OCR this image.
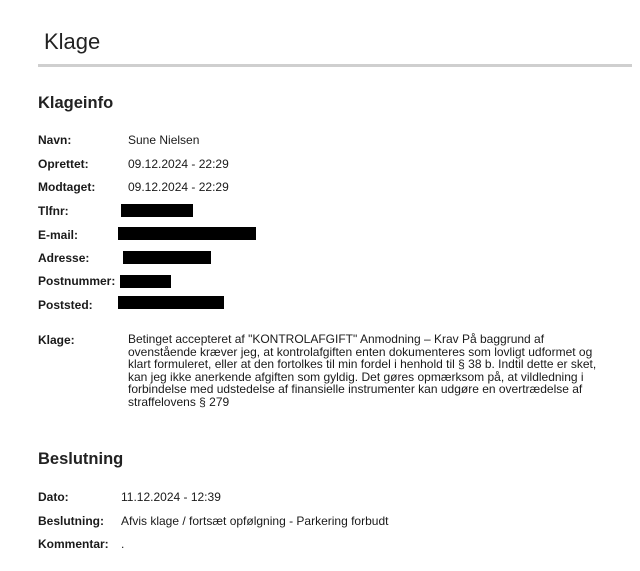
Klage
Klageinfo
Navn:	Sune Nielsen
Oprettet:	09.12.2024 - 22:29
Modtaget:	09.12.2024 - 22:29
Tlfnr:
E-mail:
Adresse:
Postnummer:
Poststed:
Klage:	Betinget accepteret af "KONTROLAFGIFT" Anmodning – Krav På baggrund af ovenstående kræver jeg, at kontrolafgiften enten dokumenteres som lovligt udformet og klart formuleret, eller at den fortolkes til min fordel i henhold til § 38 b. Indtil dette er sket, kan jeg ikke anerkende afgiften som gyldig. Det gøres opmærksom på, at vildledning i forbindelse med udstedelse af finansielle instrumenter kan udgøre en overtrædelse af straffelovens § 279
Beslutning
Dato:	11.12.2024 - 12:39
Beslutning: Afvis klage / fortsæt opfølgning - Parkering forbudt
Kommentar: .
